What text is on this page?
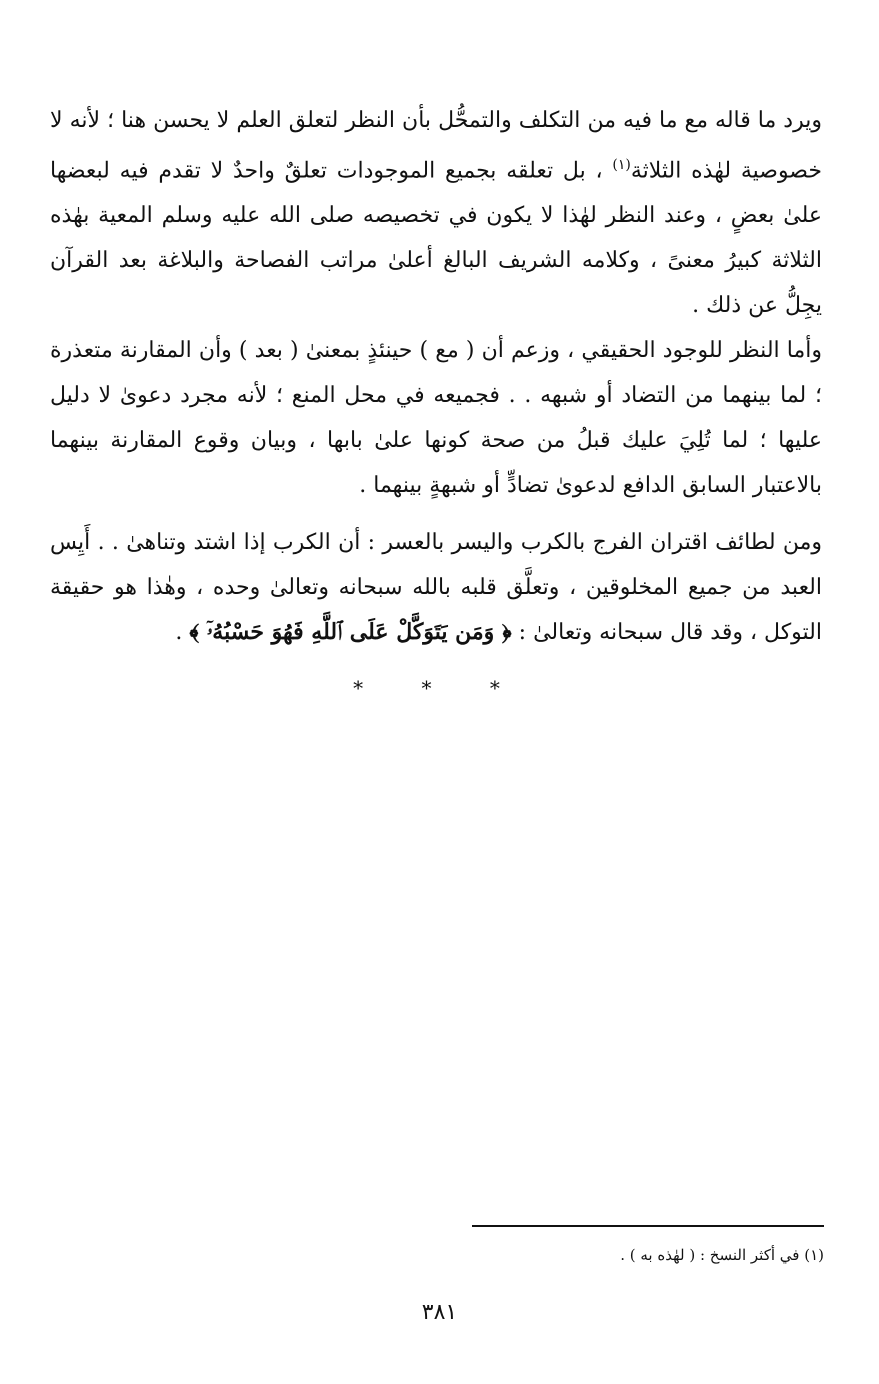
ويرد ما قاله مع ما فيه من التكلف والتمحُّل بأن النظر لتعلق العلم لا يحسن هنا ؛ لأنه لا خصوصية لهٰذه الثلاثة$^{(١)}$ ، بل تعلقه بجميع الموجودات تعلقٌ واحدٌ لا تقدم فيه لبعضها علىٰ بعضٍ ، وعند النظر لهٰذا لا يكون في تخصيصه صلى الله عليه وسلم المعية بهٰذه الثلاثة كبيرُ معنىً ، وكلامه الشريف البالغ أعلىٰ مراتب الفصاحة والبلاغة بعد القرآن يجِلُّ عن ذلك .

وأما النظر للوجود الحقيقي ، وزعم أن ( مع ) حينئذٍ بمعنىٰ ( بعد ) وأن المقارنة متعذرة ؛ لما بينهما من التضاد أو شبهه . . فجميعه في محل المنع ؛ لأنه مجرد دعوىٰ لا دليل عليها ؛ لما تُلِيَ عليك قبلُ من صحة كونها علىٰ بابها ، وبيان وقوع المقارنة بينهما بالاعتبار السابق الدافع لدعوىٰ تضادٍّ أو شبهةٍ بينهما .

ومن لطائف اقتران الفرج بالكرب واليسر بالعسر : أن الكرب إذا اشتد وتناهىٰ . . أَيِس العبد من جميع المخلوقين ، وتعلَّق قلبه بالله سبحانه وتعالىٰ وحده ، وهٰذا هو حقيقة التوكل ، وقد قال سبحانه وتعالىٰ : ﴿ وَمَن يَتَوَكَّلْ عَلَى ٱللَّهِ فَهُوَ حَسْبُهُۥٓ ﴾ .

* * *

(١) في أكثر النسخ : ( لهٰذه به ) .

٣٨١
